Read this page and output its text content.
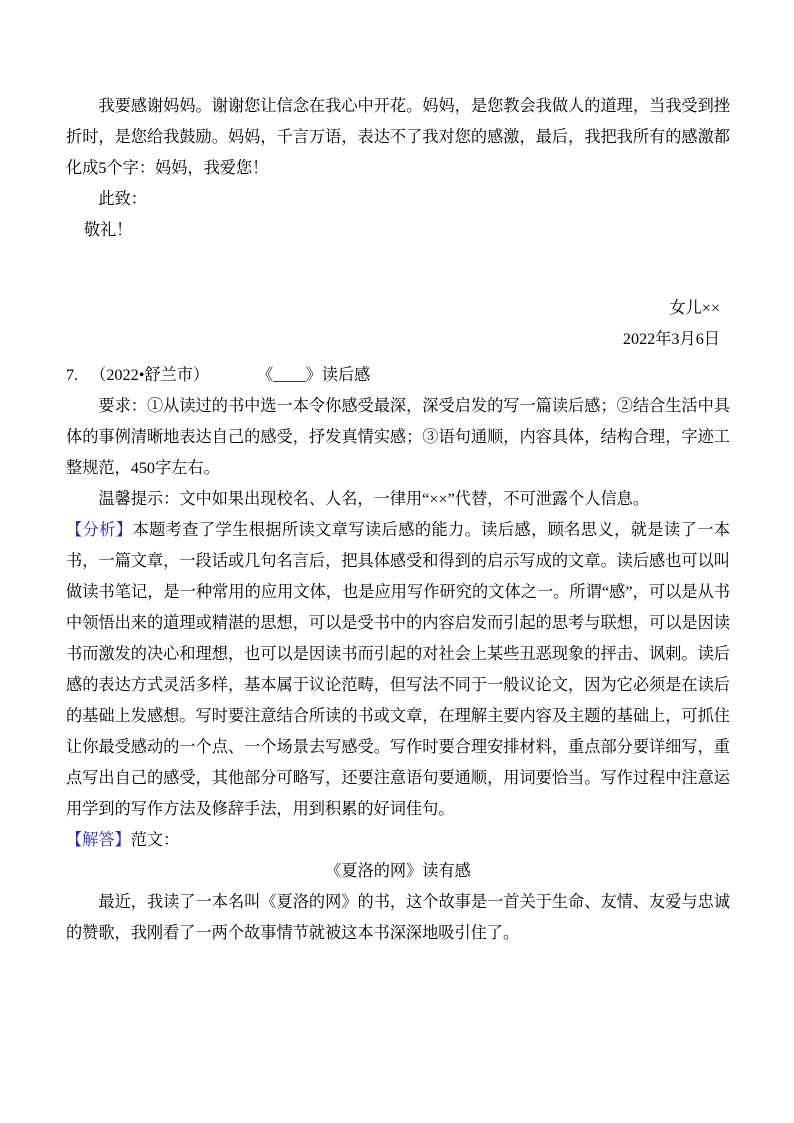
我要感谢妈妈。谢谢您让信念在我心中开花。妈妈，是您教会我做人的道理，当我受到挫折时，是您给我鼓励。妈妈，千言万语，表达不了我对您的感激，最后，我把我所有的感激都化成5个字：妈妈，我爱您！

此致：

敬礼！

女儿××

2022年3月6日

7. （2022•舒兰市）	《____》读后感

要求：①从读过的书中选一本令你感受最深，深受启发的写一篇读后感；②结合生活中具体的事例清晰地表达自己的感受，抒发真情实感；③语句通顺，内容具体，结构合理，字迹工整规范，450字左右。

温馨提示：文中如果出现校名、人名，一律用“××”代替，不可泄露个人信息。

【分析】本题考查了学生根据所读文章写读后感的能力。读后感，顾名思义，就是读了一本书，一篇文章，一段话或几句名言后，把具体感受和得到的启示写成的文章。读后感也可以叫做读书笔记，是一种常用的应用文体，也是应用写作研究的文体之一。所谓“感”，可以是从书中领悟出来的道理或精湛的思想，可以是受书中的内容启发而引起的思考与联想，可以是因读书而激发的决心和理想，也可以是因读书而引起的对社会上某些丑恶现象的抨击、讽刺。读后感的表达方式灵活多样，基本属于议论范畴，但写法不同于一般议论文，因为它必须是在读后的基础上发感想。写时要注意结合所读的书或文章，在理解主要内容及主题的基础上，可抓住让你最受感动的一个点、一个场景去写感受。写作时要合理安排材料，重点部分要详细写，重点写出自己的感受，其他部分可略写，还要注意语句要通顺，用词要恰当。写作过程中注意运用学到的写作方法及修辞手法，用到积累的好词佳句。

【解答】范文：

《夏洛的网》读有感

最近，我读了一本名叫《夏洛的网》的书，这个故事是一首关于生命、友情、友爱与忠诚的赞歌，我刚看了一两个故事情节就被这本书深深地吸引住了。
